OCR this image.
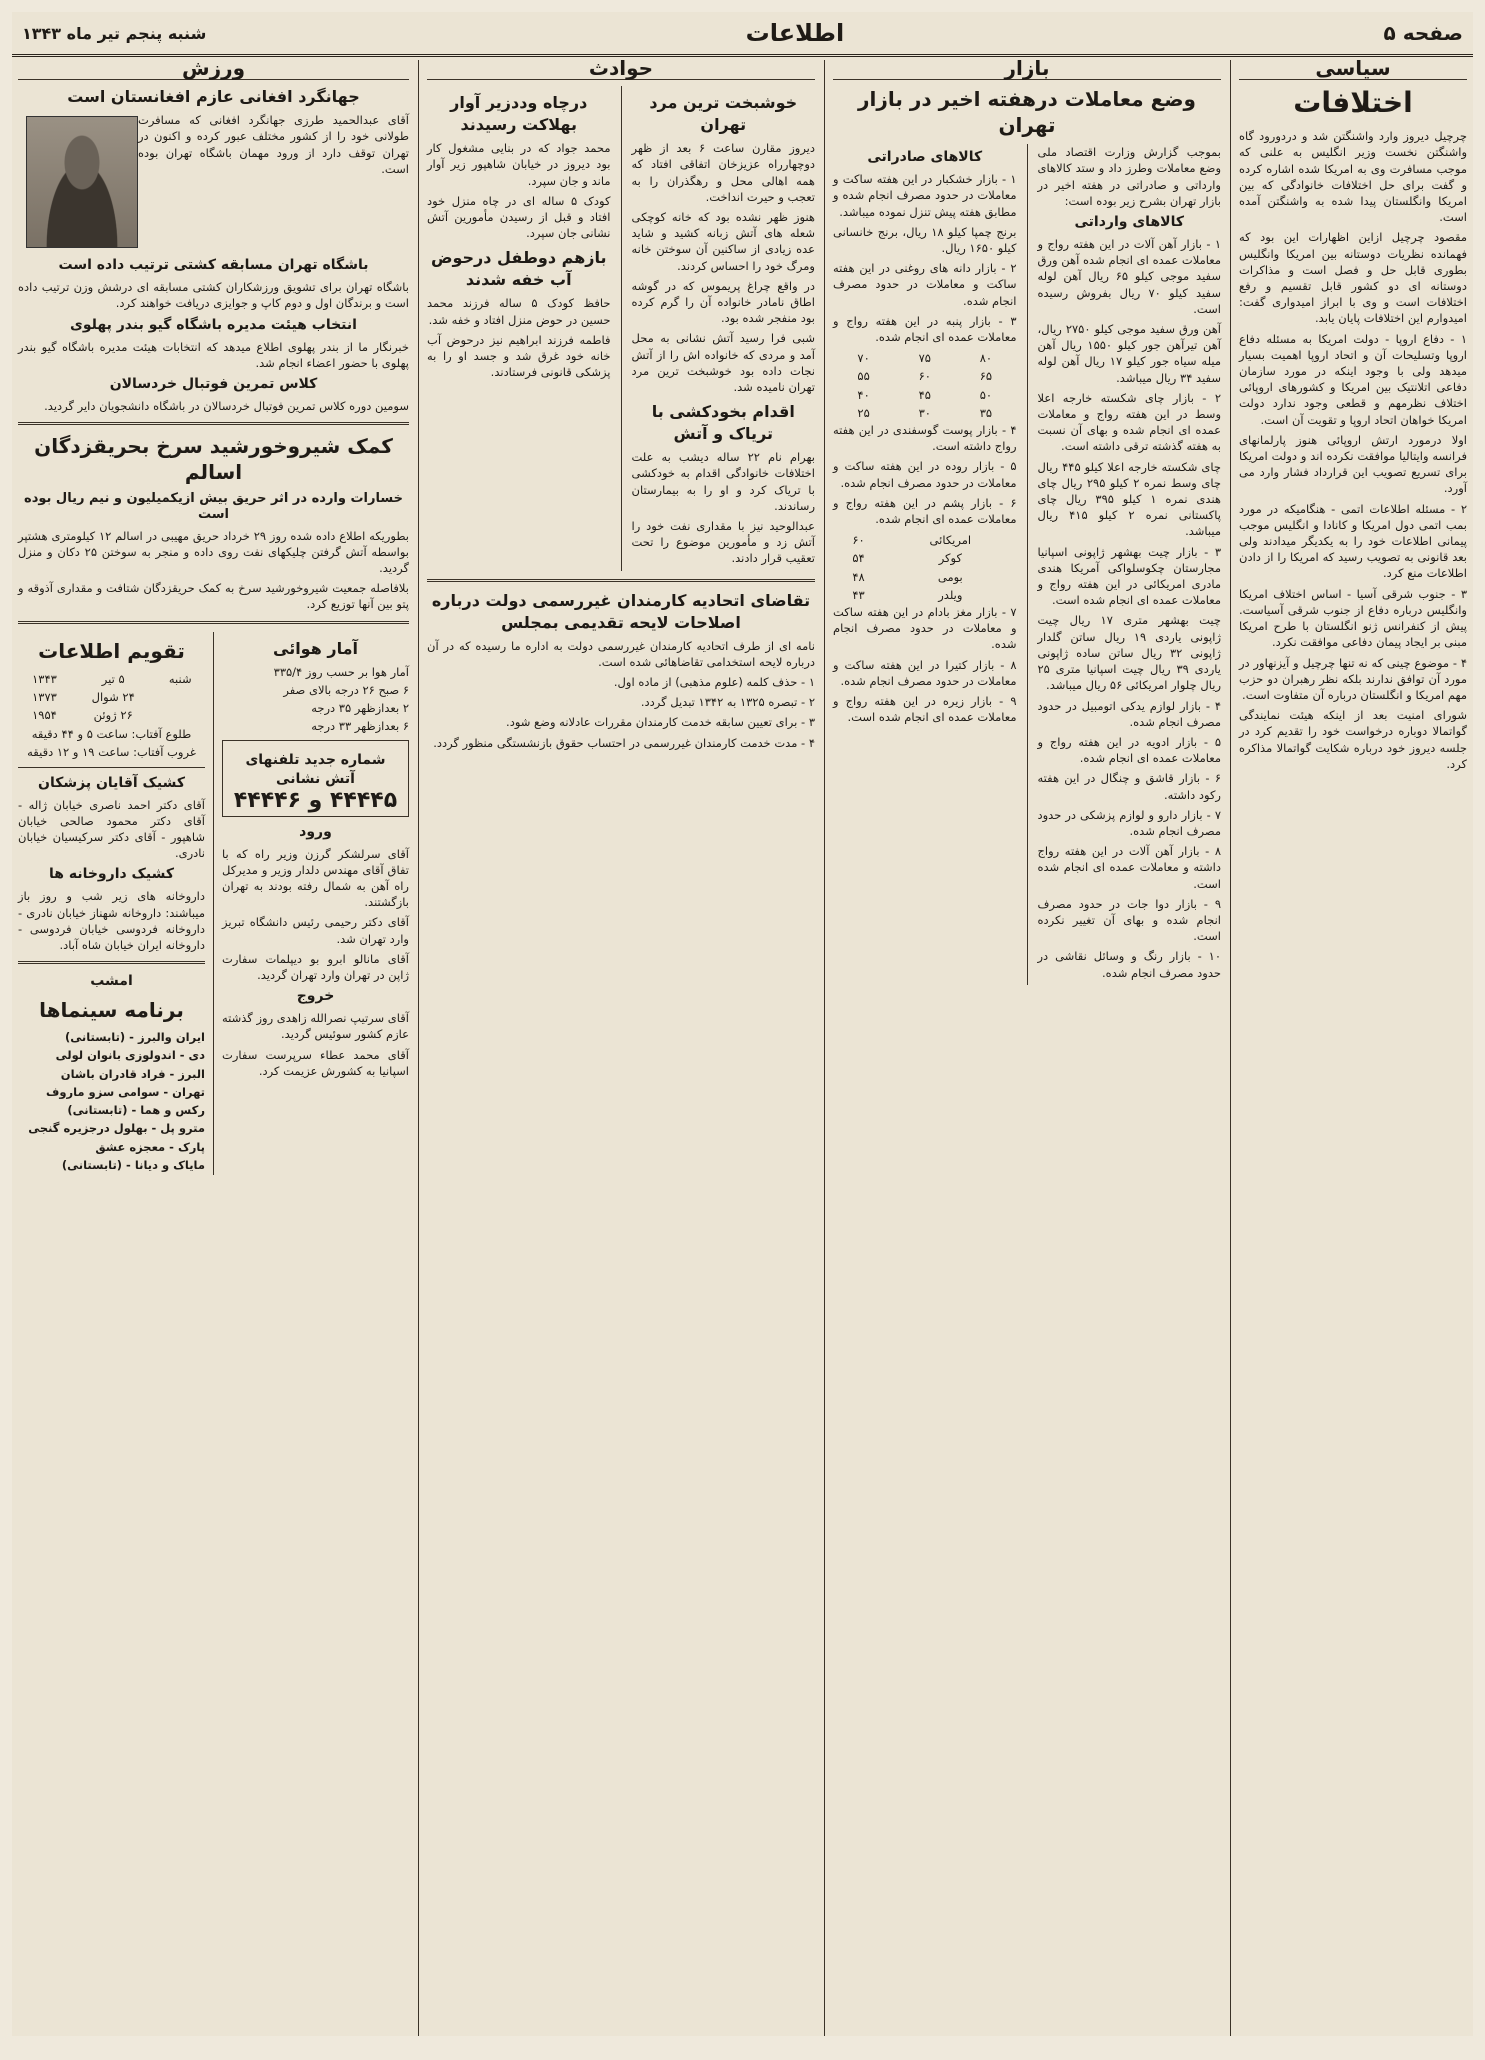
صفحه ۵
اطلاعات
شنبه پنجم تیر ماه ۱۳۴۳
سیاسی
اختلافات

چرچیل دیروز وارد واشنگتن شد و دردورود گاه واشنگتن نخست وزیر انگلیس به علنی که موجب مسافرت وی به امریکا شده اشاره کرده و گفت برای حل اختلافات خانوادگی که بین امریکا وانگلستان پیدا شده به واشنگتن آمده است.

مقصود چرچیل ازاین اظهارات این بود که فهمانده نظریات دوستانه بین امریکا وانگلیس بطوری قابل حل و فصل است و مذاکرات دوستانه ای دو کشور قابل تقسیم و رفع اختلافات است و وی با ابراز امیدواری گفت: امیدوارم این اختلافات پایان یابد.

۱ - دفاع اروپا - دولت امریکا به مسئله دفاع اروپا وتسلیحات آن و اتحاد اروپا اهمیت بسیار میدهد ولی با وجود اینکه در مورد سازمان دفاعی اتلانتیک بین امریکا و کشورهای اروپائی اختلاف نظرمهم و قطعی وجود ندارد دولت امریکا خواهان اتحاد اروپا و تقویت آن است.

اولا درمورد ارتش اروپائی هنوز پارلمانهای فرانسه وایتالیا موافقت نکرده اند و دولت امریکا برای تسریع تصویب این قرارداد فشار وارد می آورد.

۲ - مسئله اطلاعات اتمی - هنگامیکه در مورد بمب اتمی دول امریکا و کانادا و انگلیس موجب پیمانی اطلاعات خود را به یکدیگر میدادند ولی بعد قانونی به تصویب رسید که امریکا را از دادن اطلاعات منع کرد.

۳ - جنوب شرقی آسیا - اساس اختلاف امریکا وانگلیس درباره دفاع از جنوب شرقی آسیاست. پیش از کنفرانس ژنو انگلستان با طرح امریکا مبنی بر ایجاد پیمان دفاعی موافقت نکرد.

۴ - موضوع چینی که نه تنها چرچیل و آیزنهاور در مورد آن توافق ندارند بلکه نظر رهبران دو حزب مهم امریکا و انگلستان درباره آن متفاوت است.

شورای امنیت بعد از اینکه هیئت نمایندگی گواتمالا دوباره درخواست خود را تقدیم کرد در جلسه دیروز خود درباره شکایت گواتمالا مذاکره کرد.

بازار
وضع معاملات درهفته اخیر در بازار تهران

بموجب گزارش وزارت اقتصاد ملی وضع معاملات وطرز داد و ستد کالاهای وارداتی و صادراتی در هفته اخیر در بازار تهران بشرح زیر بوده است:

کالاهای وارداتی

۱ - بازار آهن آلات در این هفته رواج و معاملات عمده ای انجام شده آهن ورق سفید موجی کیلو ۶۵ ریال آهن لوله سفید کیلو ۷۰ ریال بفروش رسیده است.

آهن ورق سفید موجی کیلو ۲۷۵۰ ریال، آهن تیرآهن جور کیلو ۱۵۵۰ ریال آهن میله سیاه جور کیلو ۱۷ ریال آهن لوله سفید ۳۴ ریال میباشد.

۲ - بازار چای شکسته خارجه اعلا وسط در این هفته رواج و معاملات عمده ای انجام شده و بهای آن نسبت به هفته گذشته ترقی داشته است.

چای شکسته خارجه اعلا کیلو ۴۴۵ ریال چای وسط نمره ۲ کیلو ۲۹۵ ریال چای هندی نمره ۱ کیلو ۳۹۵ ریال چای پاکستانی نمره ۲ کیلو ۴۱۵ ریال میباشد.

۳ - بازار چیت بهشهر ژاپونی اسپانیا مجارستان چکوسلواکی آمریکا هندی مادری امریکائی در این هفته رواج و معاملات عمده ای انجام شده است.

چیت بهشهر متری ۱۷ ریال چیت ژاپونی یاردی ۱۹ ریال ساتن گلدار ژاپونی ۳۲ ریال ساتن ساده ژاپونی یاردی ۳۹ ریال چیت اسپانیا متری ۲۵ ریال چلوار امریکائی ۵۶ ریال میباشد.

۴ - بازار لوازم یدکی اتومبیل در حدود مصرف انجام شده.

۵ - بازار ادویه در این هفته رواج و معاملات عمده ای انجام شده.

۶ - بازار قاشق و چنگال در این هفته رکود داشته.

۷ - بازار دارو و لوازم پزشکی در حدود مصرف انجام شده.

۸ - بازار آهن آلات در این هفته رواج داشته و معاملات عمده ای انجام شده است.

۹ - بازار دوا جات در حدود مصرف انجام شده و بهای آن تغییر نکرده است.

۱۰ - بازار رنگ و وسائل نقاشی در حدود مصرف انجام شده.

کالاهای صادراتی

۱ - بازار خشکبار در این هفته ساکت و معاملات در حدود مصرف انجام شده و مطابق هفته پیش تنزل نموده میباشد.

برنج چمپا کیلو ۱۸ ریال، برنج خانسانی کیلو ۱۶۵۰ ریال.

۲ - بازار دانه های روغنی در این هفته ساکت و معاملات در حدود مصرف انجام شده.

۳ - بازار پنبه در این هفته رواج و معاملات عمده ای انجام شده.

۸۰	۷۵	۷۰
۶۵	۶۰	۵۵
۵۰	۴۵	۴۰
۳۵	۳۰	۲۵

۴ - بازار پوست گوسفندی در این هفته رواج داشته است.

۵ - بازار روده در این هفته ساکت و معاملات در حدود مصرف انجام شده.

۶ - بازار پشم در این هفته رواج و معاملات عمده ای انجام شده.

امریکائی	۶۰
کوکر	۵۴
بومی	۴۸
ویلدر	۴۳

۷ - بازار مغز بادام در این هفته ساکت و معاملات در حدود مصرف انجام شده.

۸ - بازار کتیرا در این هفته ساکت و معاملات در حدود مصرف انجام شده.

۹ - بازار زیره در این هفته رواج و معاملات عمده ای انجام شده است.

حوادث
خوشبخت ترین مرد تهران

دیروز مقارن ساعت ۶ بعد از ظهر دوچهارراه عزیزخان اتفاقی افتاد که همه اهالی محل و رهگذران را به تعجب و حیرت انداخت.

هنوز ظهر نشده بود که خانه کوچکی شعله های آتش زبانه کشید و شاید عده زیادی از ساکنین آن سوختن خانه ومرگ خود را احساس کردند.

در واقع چراغ پریموس که در گوشه اطاق نامادر خانواده آن را گرم کرده بود منفجر شده بود.

شبی فرا رسید آتش نشانی به محل آمد و مردی که خانواده اش را از آتش نجات داده بود خوشبخت ترین مرد تهران نامیده شد.

اقدام بخودکشی با تریاک و آتش

بهرام نام ۲۲ ساله دیشب به علت اختلافات خانوادگی اقدام به خودکشی با تریاک کرد و او را به بیمارستان رساندند.

عبدالوحید نیز با مقداری نفت خود را آتش زد و مأمورین موضوع را تحت تعقیب قرار دادند.

درچاه وددزیر آوار بهلاکت رسیدند

محمد جواد که در بنایی مشغول کار بود دیروز در خیابان شاهپور زیر آوار ماند و جان سپرد.

کودک ۵ ساله ای در چاه منزل خود افتاد و قبل از رسیدن مأمورین آتش نشانی جان سپرد.

بازهم دوطفل درحوض آب خفه شدند

حافظ کودک ۵ ساله فرزند محمد حسین در حوض منزل افتاد و خفه شد.

فاطمه فرزند ابراهیم نیز درحوض آب خانه خود غرق شد و جسد او را به پزشکی قانونی فرستادند.

تقاضای اتحادیه کارمندان غیررسمی دولت درباره اصلاحات لایحه تقدیمی بمجلس

نامه ای از طرف اتحادیه کارمندان غیررسمی دولت به اداره ما رسیده که در آن درباره لایحه استخدامی تقاضاهائی شده است.

۱ - حذف کلمه (علوم مذهبی) از ماده اول.

۲ - تبصره ۱۳۲۵ به ۱۳۴۲ تبدیل گردد.

۳ - برای تعیین سابقه خدمت کارمندان مقررات عادلانه وضع شود.

۴ - مدت خدمت کارمندان غیررسمی در احتساب حقوق بازنشستگی منظور گردد.

ورزش
جهانگرد افغانی عازم افغانستان است

آقای عبدالحمید طرزی جهانگرد افغانی که مسافرت طولانی خود را از کشور مختلف عبور کرده و اکنون در تهران توقف دارد از ورود مهمان باشگاه تهران بوده است.

باشگاه تهران مسابقه کشتی ترتیب داده است

باشگاه تهران برای تشویق ورزشکاران کشتی مسابقه ای درشش وزن ترتیب داده است و برندگان اول و دوم کاپ و جوایزی دریافت خواهند کرد.

انتخاب هیئت مدیره باشگاه گیو بندر پهلوی

خبرنگار ما از بندر پهلوی اطلاع میدهد که انتخابات هیئت مدیره باشگاه گیو بندر پهلوی با حضور اعضاء انجام شد.

کلاس تمرین فوتبال خردسالان

سومین دوره کلاس تمرین فوتبال خردسالان در باشگاه دانشجویان دایر گردید.

کمک شیروخورشید سرخ بحریقزدگان اسالم
خسارات وارده در اثر حریق بیش ازیکمیلیون و نیم ریال بوده است

بطوریکه اطلاع داده شده روز ۲۹ خرداد حریق مهیبی در اسالم ۱۲ کیلومتری هشتپر بواسطه آتش گرفتن چلیکهای نفت روی داده و منجر به سوختن ۲۵ دکان و منزل گردید.

بلافاصله جمعیت شیروخورشید سرخ به کمک حریقزدگان شتافت و مقداری آذوقه و پتو بین آنها توزیع کرد.

آمار هوائی
آمار هوا بر حسب روز ۳۳۵/۴
۶ صبح ۲۶ درجه بالای صفر
۲ بعدازظهر ۳۵ درجه
۶ بعدازظهر ۳۳ درجه
شماره جدید تلفنهای آتش نشانی
۴۴۴۴۵ و ۴۴۴۴۶
ورود

آقای سرلشکر گرزن وزیر راه که با تفاق آقای مهندس دلدار وزیر و مدیرکل راه آهن به شمال رفته بودند به تهران بازگشتند.

آقای دکتر رحیمی رئیس دانشگاه تبریز وارد تهران شد.

آقای مانالو ابرو بو دیپلمات سفارت ژاپن در تهران وارد تهران گردید.

خروج

آقای سرتیپ نصرالله زاهدی روز گذشته عازم کشور سوئیس گردید.

آقای محمد عطاء سرپرست سفارت اسپانیا به کشورش عزیمت کرد.

تقویم اطلاعات
شنبه	۵ تیر	۱۳۴۳
	۲۴ شوال	۱۳۷۳
	۲۶ ژوئن	۱۹۵۴
طلوع آفتاب: ساعت ۵ و ۴۴ دقیقه
غروب آفتاب: ساعت ۱۹ و ۱۲ دقیقه
کشیک آقایان پزشکان

آقای دکتر احمد ناصری خیابان ژاله - آقای دکتر محمود صالحی خیابان شاهپور - آقای دکتر سرکیسیان خیابان نادری.

کشیک داروخانه ها

داروخانه های زیر شب و روز باز میباشند: داروخانه شهناز خیابان نادری - داروخانه فردوسی خیابان فردوسی - داروخانه ایران خیابان شاه آباد.

امشب
برنامه سینماها
ایران والبرز - (تابستانی)
دی - اندولوزی بانوان لولی
البرز - فراد قادران باشان
تهران - سوامی سزو ماروف
رکس و هما - (تابستانی)
مترو پل - بهلول درجزیره گنجی
پارک - معجزه عشق
مایاک و دیانا - (تابستانی)
